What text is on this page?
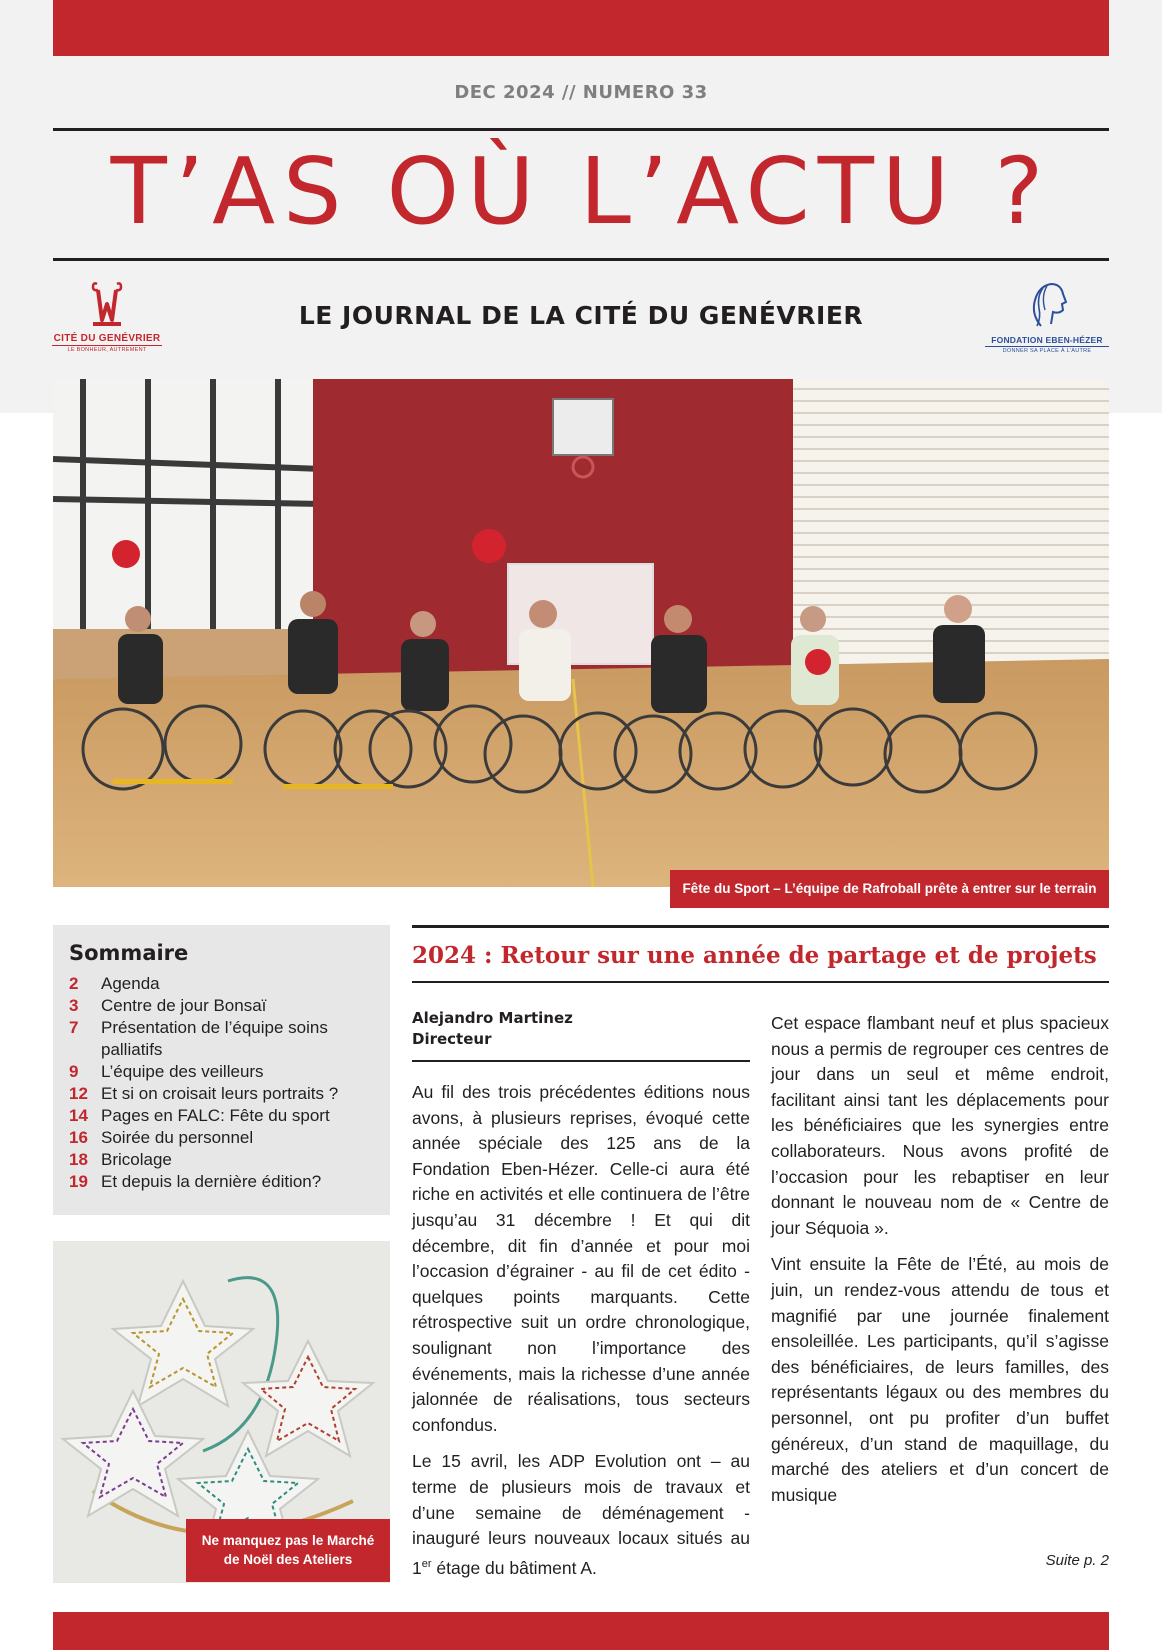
DEC 2024 // NUMERO 33
T’AS OÙ L’ACTU ?
CITÉ DU GENÉVRIER
LE BONHEUR, AUTREMENT
LE JOURNAL DE LA CITÉ DU GENÉVRIER
FONDATION EBEN-HÉZER
DONNER SA PLACE À L’AUTRE
Fête du Sport – L’équipe de Rafroball prête à entrer sur le terrain
Sommaire
2	Agenda
3	Centre de jour Bonsaï
7	Présentation de l’équipe soins palliatifs
9	L’équipe des veilleurs
12 Et si on croisait leurs portraits ?
14 Pages en FALC: Fête du sport
16 Soirée du personnel
18 Bricolage
19 Et depuis la dernière édition?
Ne manquez pas le Marché
de Noël des Ateliers
2024 : Retour sur une année de partage et de projets
Alejandro Martinez
Directeur

Au fil des trois précédentes éditions nous avons, à plusieurs reprises, évoqué cette année spéciale des 125 ans de la Fondation Eben-Hézer. Celle-ci aura été riche en activités et elle continuera de l’être jusqu’au 31 décembre ! Et qui dit décembre, dit fin d’année et pour moi l’occasion d’égrainer - au fil de cet édito - quelques points marquants. Cette rétrospective suit un ordre chronologique, soulignant non l’importance des événements, mais la richesse d’une année jalonnée de réalisations, tous secteurs confondus.

Le 15 avril, les ADP Evolution ont – au terme de plusieurs mois de travaux et d’une semaine de déménagement - inauguré leurs nouveaux locaux situés au 1er étage du bâtiment A.

Cet espace flambant neuf et plus spacieux nous a permis de regrouper ces centres de jour dans un seul et même endroit, facilitant ainsi tant les déplacements pour les bénéficiaires que les synergies entre collaborateurs. Nous avons profité de l’occasion pour les rebaptiser en leur donnant le nouveau nom de « Centre de jour Séquoia ».

Vint ensuite la Fête de l’Été, au mois de juin, un rendez-vous attendu de tous et magnifié par une journée finalement ensoleillée. Les participants, qu’il s’agisse des bénéficiaires, de leurs familles, des représentants légaux ou des membres du personnel, ont pu profiter d’un buffet généreux, d’un stand de maquillage, du marché des ateliers et d’un concert de musique

Suite p. 2
